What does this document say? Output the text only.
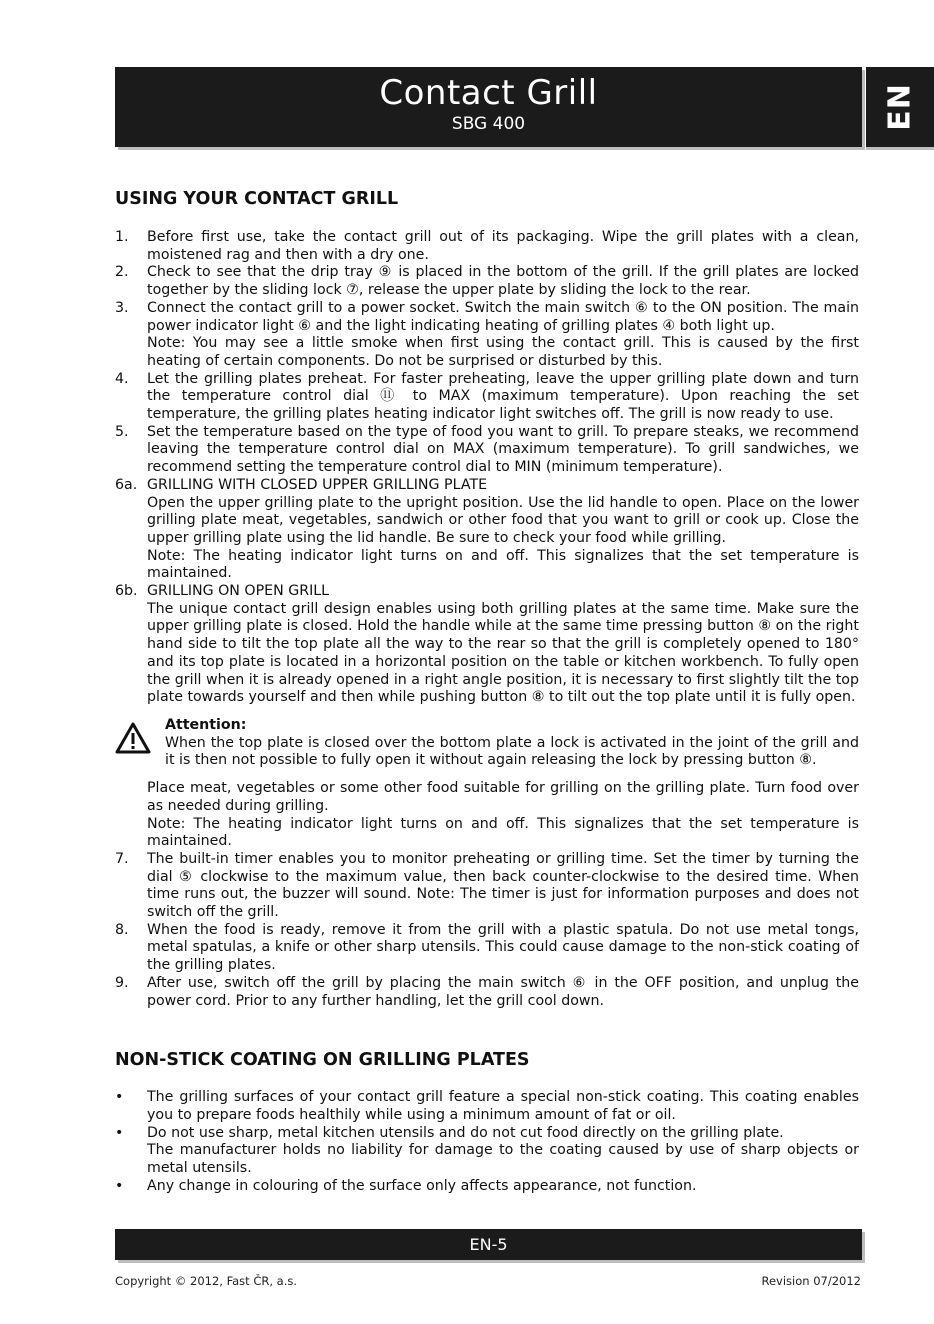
Contact Grill
SBG 400	EN
USING YOUR CONTACT GRILL
1.	Before first use, take the contact grill out of its packaging. Wipe the grill plates with a clean, moistened rag and then with a dry one.

2.	Check to see that the drip tray ⑨ is placed in the bottom of the grill. If the grill plates are locked together by the sliding lock ⑦, release the upper plate by sliding the lock to the rear.

3.	Connect the contact grill to a power socket. Switch the main switch ⑥ to the ON position. The main power indicator light ⑥ and the light indicating heating of grilling plates ④ both light up.

Note: You may see a little smoke when first using the contact grill. This is caused by the first heating of certain components. Do not be surprised or disturbed by this.

4.	Let the grilling plates preheat. For faster preheating, leave the upper grilling plate down and turn the temperature control dial ⑪ to MAX (maximum temperature). Upon reaching the set temperature, the grilling plates heating indicator light switches off. The grill is now ready to use.

5.	Set the temperature based on the type of food you want to grill. To prepare steaks, we recommend leaving the temperature control dial on MAX (maximum temperature). To grill sandwiches, we recommend setting the temperature control dial to MIN (minimum temperature).

6a. GRILLING WITH CLOSED UPPER GRILLING PLATE

Open the upper grilling plate to the upright position. Use the lid handle to open. Place on the lower grilling plate meat, vegetables, sandwich or other food that you want to grill or cook up. Close the upper grilling plate using the lid handle. Be sure to check your food while grilling.

Note: The heating indicator light turns on and off. This signalizes that the set temperature is maintained.

6b. GRILLING ON OPEN GRILL

The unique contact grill design enables using both grilling plates at the same time. Make sure the upper grilling plate is closed. Hold the handle while at the same time pressing button ⑧ on the right hand side to tilt the top plate all the way to the rear so that the grill is completely opened to 180° and its top plate is located in a horizontal position on the table or kitchen workbench. To fully open the grill when it is already opened in a right angle position, it is necessary to first slightly tilt the top plate towards yourself and then while pushing button ⑧ to tilt out the top plate until it is fully open.

Attention:
When the top plate is closed over the bottom plate a lock is activated in the joint of the grill and it is then not possible to fully open it without again releasing the lock by pressing button ⑧.

Place meat, vegetables or some other food suitable for grilling on the grilling plate. Turn food over as needed during grilling.

Note: The heating indicator light turns on and off. This signalizes that the set temperature is maintained.

7.	The built-in timer enables you to monitor preheating or grilling time. Set the timer by turning the dial ⑤ clockwise to the maximum value, then back counter-clockwise to the desired time. When time runs out, the buzzer will sound. Note: The timer is just for information purposes and does not switch off the grill.

8.	When the food is ready, remove it from the grill with a plastic spatula. Do not use metal tongs, metal spatulas, a knife or other sharp utensils. This could cause damage to the non-stick coating of the grilling plates.

9.	After use, switch off the grill by placing the main switch ⑥ in the OFF position, and unplug the power cord. Prior to any further handling, let the grill cool down.

NON-STICK COATING ON GRILLING PLATES
•	The grilling surfaces of your contact grill feature a special non-stick coating. This coating enables you to prepare foods healthily while using a minimum amount of fat or oil.

•	Do not use sharp, metal kitchen utensils and do not cut food directly on the grilling plate.

The manufacturer holds no liability for damage to the coating caused by use of sharp objects or metal utensils.

•	Any change in colouring of the surface only affects appearance, not function.

EN-5
Copyright © 2012, Fast ČR, a.s.	Revision 07/2012
